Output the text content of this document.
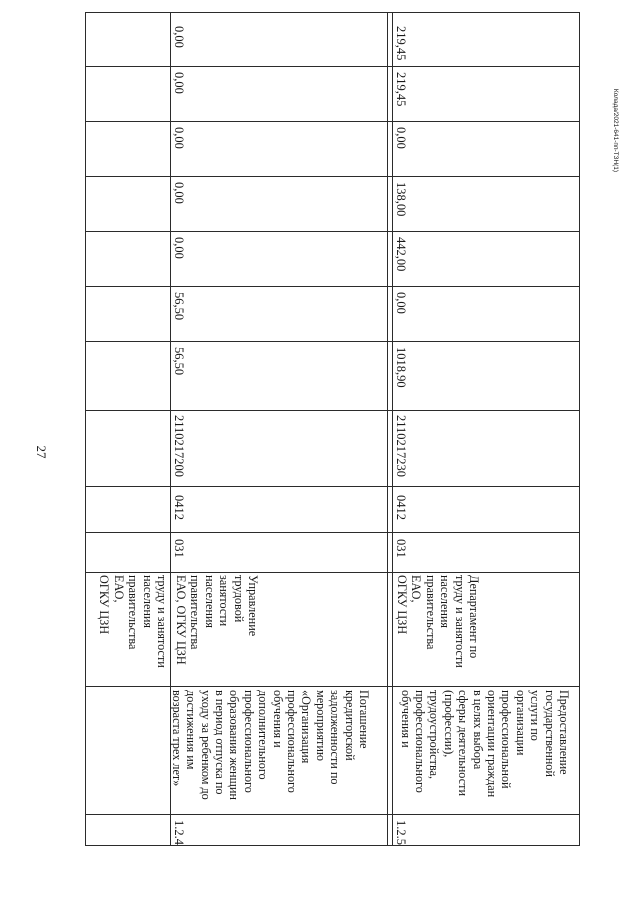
27
Колада/2021-641-пп-ТЗН(1)
труду и занятости
населения
правительства
ЕАО,
ОГКУ ЦЗН
1.2.4
Погашение
кредиторской
задолженности по
мероприятию
«Организация
профессионального
обучения и
дополнительного
профессионального
образования женщин
в период отпуска по
уходу за ребенком до
достижения им
возраста трех лет»
Управление
трудовой
занятости
населения
правительства
ЕАО, ОГКУ ЦЗН
031
0412
2110217200
56,50
56,50
0,00
0,00
0,00
0,00
0,00
1.2.5
Предоставление
государственной
услуги по
организации
профессиональной
ориентации граждан
в целях выбора
сферы деятельности
(профессии),
трудоустройства,
профессионального
обучения и
Департамент по
труду и занятости
населения
правительства
ЕАО,
ОГКУ ЦЗН
031
0412
2110217230
1018,90
0,00
442,00
138,00
0,00
219,45
219,45
